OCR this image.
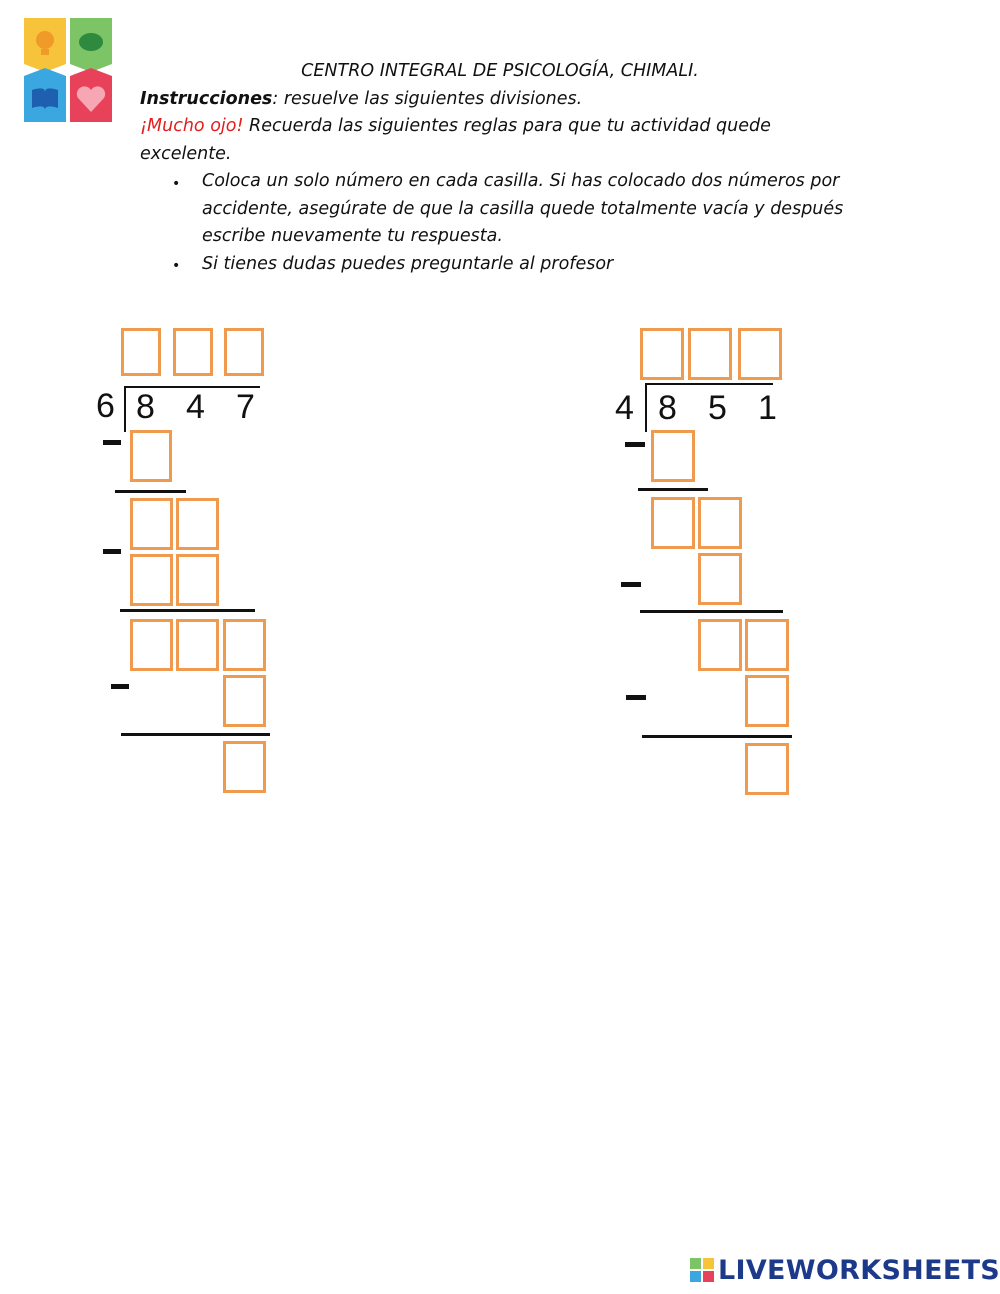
CENTRO INTEGRAL DE PSICOLOGÍA, CHIMALI.
Instrucciones: resuelve las siguientes divisiones.
¡Mucho ojo! Recuerda las siguientes reglas para que tu actividad quede
excelente.
• Coloca un solo número en cada casilla. Si has colocado dos números por
accidente, asegúrate de que la casilla quede totalmente vacía y después
escribe nuevamente tu respuesta.
• Si tienes dudas puedes preguntarle al profesor
6 8 4 7	4 8 5 1
LIVEWORKSHEETS
